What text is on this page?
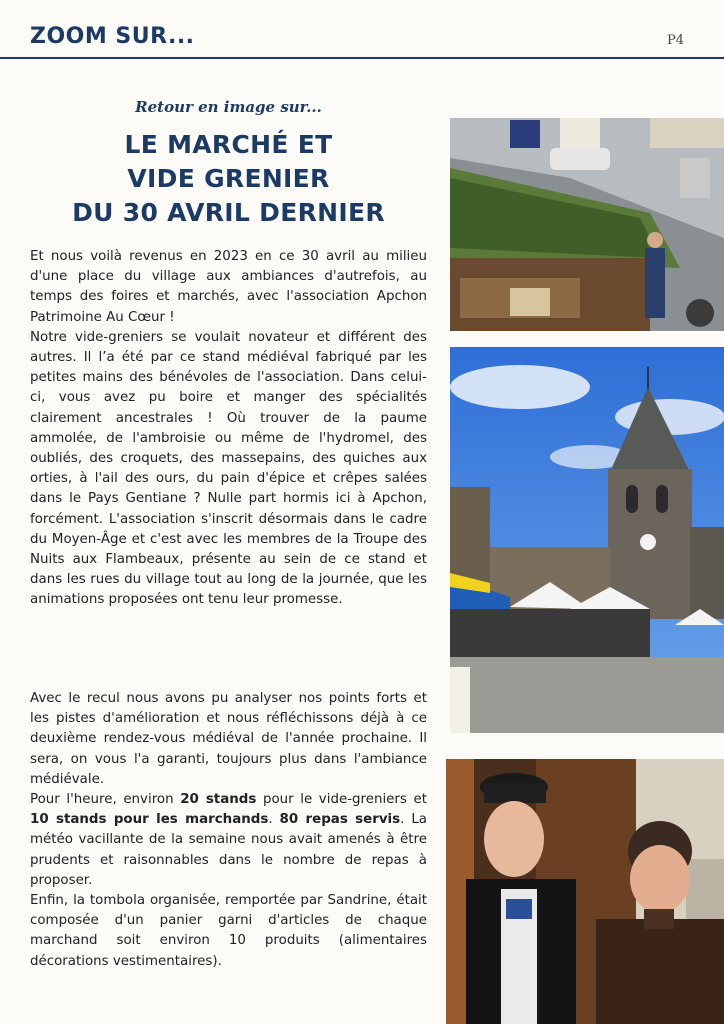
ZOOM SUR...	P4
Retour en image sur...
LE MARCHÉ ET
VIDE GRENIER
DU 30 AVRIL DERNIER

Et nous voilà revenus en 2023 en ce 30 avril au milieu d'une place du village aux ambiances d'autrefois, au temps des foires et marchés, avec l'association Apchon Patrimoine Au Cœur !

Notre vide-greniers se voulait novateur et différent des autres. Il l’a été par ce stand médiéval fabriqué par les petites mains des bénévoles de l'association. Dans celui-ci, vous avez pu boire et manger des spécialités clairement ancestrales ! Où trouver de la paume ammolée, de l'ambroisie ou même de l'hydromel, des oubliés, des croquets, des massepains, des quiches aux orties, à l'ail des ours, du pain d'épice et crêpes salées dans le Pays Gentiane ? Nulle part hormis ici à Apchon, forcément. L'association s'inscrit désormais dans le cadre du Moyen-Âge et c'est avec les membres de la Troupe des Nuits aux Flambeaux, présente au sein de ce stand et dans les rues du village tout au long de la journée, que les animations proposées ont tenu leur promesse.

Avec le recul nous avons pu analyser nos points forts et les pistes d'amélioration et nous réfléchissons déjà à ce deuxième rendez-vous médiéval de l'année prochaine. Il sera, on vous l'a garanti, toujours plus dans l'ambiance médiévale.

Pour l'heure, environ 20 stands pour le vide-greniers et 10 stands pour les marchands. 80 repas servis. La météo vacillante de la semaine nous avait amenés à être prudents et raisonnables dans le nombre de repas à proposer.

Enfin, la tombola organisée, remportée par Sandrine, était composée d'un panier garni d'articles de chaque marchand soit environ 10 produits (alimentaires décorations vestimentaires).
